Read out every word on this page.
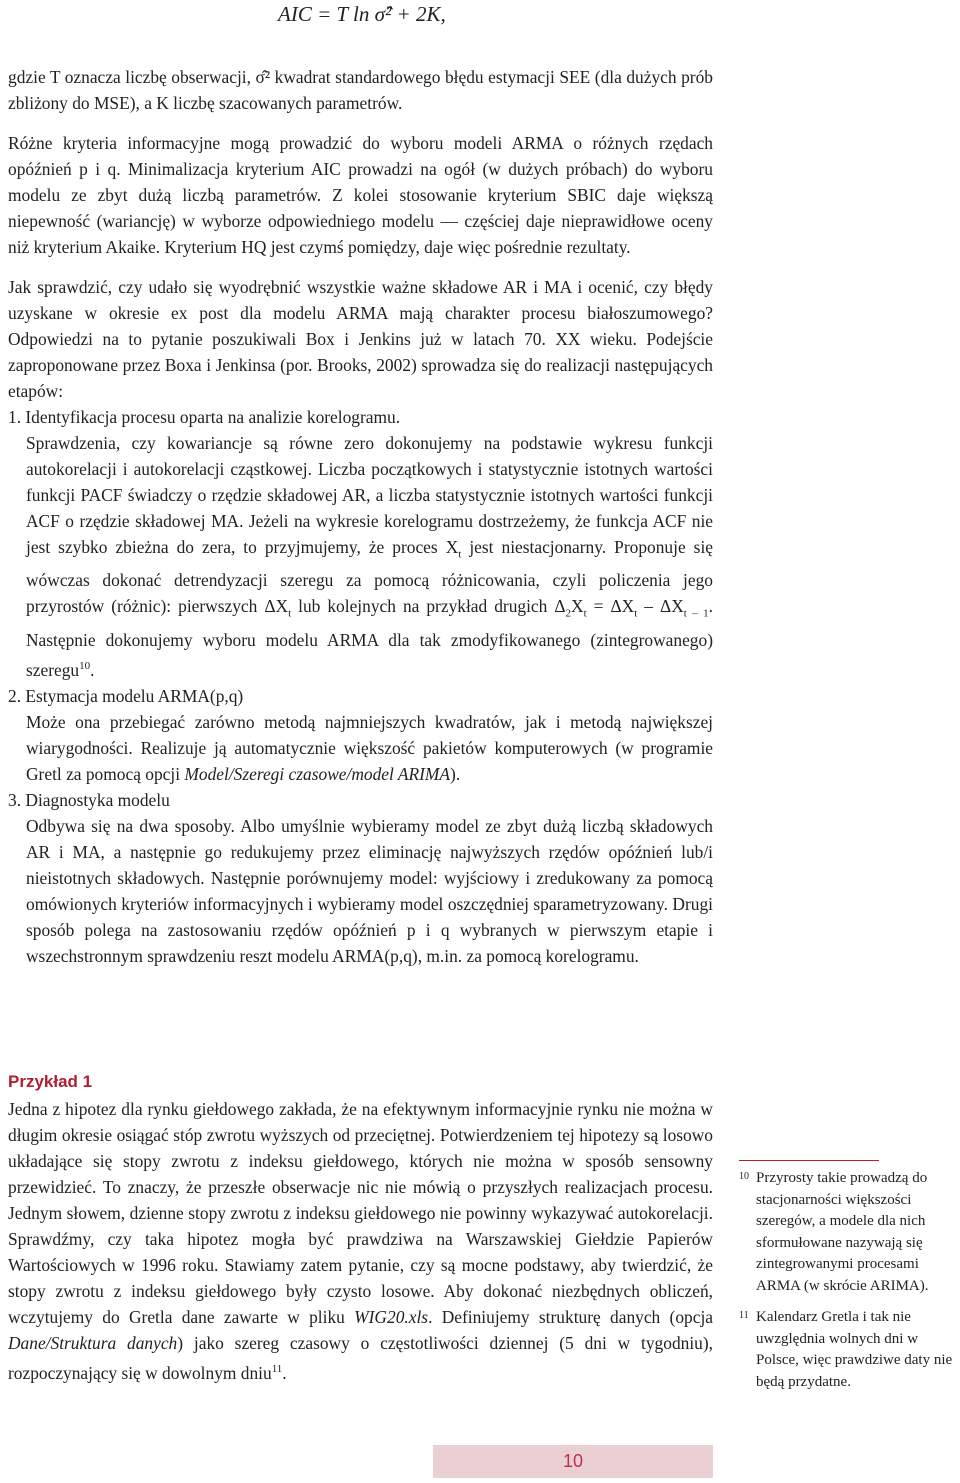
AIC = T ln σ̂² + 2K,

gdzie T oznacza liczbę obserwacji, σ̂² kwadrat standardowego błędu estymacji SEE (dla dużych prób zbliżony do MSE), a K liczbę szacowanych parametrów.

Różne kryteria informacyjne mogą prowadzić do wyboru modeli ARMA o różnych rzędach opóźnień p i q. Minimalizacja kryterium AIC prowadzi na ogół (w dużych próbach) do wyboru modelu ze zbyt dużą liczbą parametrów. Z kolei stosowanie kryterium SBIC daje większą niepewność (wariancję) w wyborze odpowiedniego modelu — częściej daje nieprawidłowe oceny niż kryterium Akaike. Kryterium HQ jest czymś pomiędzy, daje więc pośrednie rezultaty.

Jak sprawdzić, czy udało się wyodrębnić wszystkie ważne składowe AR i MA i ocenić, czy błędy uzyskane w okresie ex post dla modelu ARMA mają charakter procesu białoszumowego? Odpowiedzi na to pytanie poszukiwali Box i Jenkins już w latach 70. XX wieku. Podejście zaproponowane przez Boxa i Jenkinsa (por. Brooks, 2002) sprowadza się do realizacji następujących etapów:

1. Identyfikacja procesu oparta na analizie korelogramu.

Sprawdzenia, czy kowariancje są równe zero dokonujemy na podstawie wykresu funkcji autokorelacji i autokorelacji cząstkowej. Liczba początkowych i statystycznie istotnych wartości funkcji PACF świadczy o rzędzie składowej AR, a liczba statystycznie istotnych wartości funkcji ACF o rzędzie składowej MA. Jeżeli na wykresie korelogramu dostrzeżemy, że funkcja ACF nie jest szybko zbieżna do zera, to przyjmujemy, że proces $X_t$ jest niestacjonarny. Proponuje się wówczas dokonać detrendyzacji szeregu za pomocą różnicowania, czyli policzenia jego przyrostów (różnic): pierwszych $\Delta X_t$ lub kolejnych na przykład drugich $\Delta_2X_t = \Delta X_t - \Delta X_{t - 1}$. Następnie dokonujemy wyboru modelu ARMA dla tak zmodyfikowanego (zintegrowanego) szeregu$^{10}$.

2. Estymacja modelu ARMA(p,q)

Może ona przebiegać zarówno metodą najmniejszych kwadratów, jak i metodą największej wiarygodności. Realizuje ją automatycznie większość pakietów komputerowych (w programie Gretl za pomocą opcji Model/Szeregi czasowe/model ARIMA).

3. Diagnostyka modelu

Odbywa się na dwa sposoby. Albo umyślnie wybieramy model ze zbyt dużą liczbą składowych AR i MA, a następnie go redukujemy przez eliminację najwyższych rzędów opóźnień lub/i nieistotnych składowych. Następnie porównujemy model: wyjściowy i zredukowany za pomocą omówionych kryteriów informacyjnych i wybieramy model oszczędniej sparametryzowany. Drugi sposób polega na zastosowaniu rzędów opóźnień p i q wybranych w pierwszym etapie i wszechstronnym sprawdzeniu reszt modelu ARMA(p,q), m.in. za pomocą korelogramu.

Przykład 1

Jedna z hipotez dla rynku giełdowego zakłada, że na efektywnym informacyjnie rynku nie można w długim okresie osiągać stóp zwrotu wyższych od przeciętnej. Potwierdzeniem tej hipotezy są losowo układające się stopy zwrotu z indeksu giełdowego, których nie można w sposób sensowny przewidzieć. To znaczy, że przeszłe obserwacje nic nie mówią o przyszłych realizacjach procesu. Jednym słowem, dzienne stopy zwrotu z indeksu giełdowego nie powinny wykazywać autokorelacji. Sprawdźmy, czy taka hipotez mogła być prawdziwa na Warszawskiej Giełdzie Papierów Wartościowych w 1996 roku. Stawiamy zatem pytanie, czy są mocne podstawy, aby twierdzić, że stopy zwrotu z indeksu giełdowego były czysto losowe. Aby dokonać niezbędnych obliczeń, wczytujemy do Gretla dane zawarte w pliku WIG20.xls. Definiujemy strukturę danych (opcja Dane/Struktura danych) jako szereg czasowy o częstotliwości dziennej (5 dni w tygodniu), rozpoczynający się w dowolnym dniu$^{11}$.

10 Przyrosty takie prowadzą do stacjonarności większości szeregów, a modele dla nich sformułowane nazywają się zintegrowanymi procesami ARMA (w skrócie ARIMA).

11 Kalendarz Gretla i tak nie uwzględnia wolnych dni w Polsce, więc prawdziwe daty nie będą przydatne.

10
